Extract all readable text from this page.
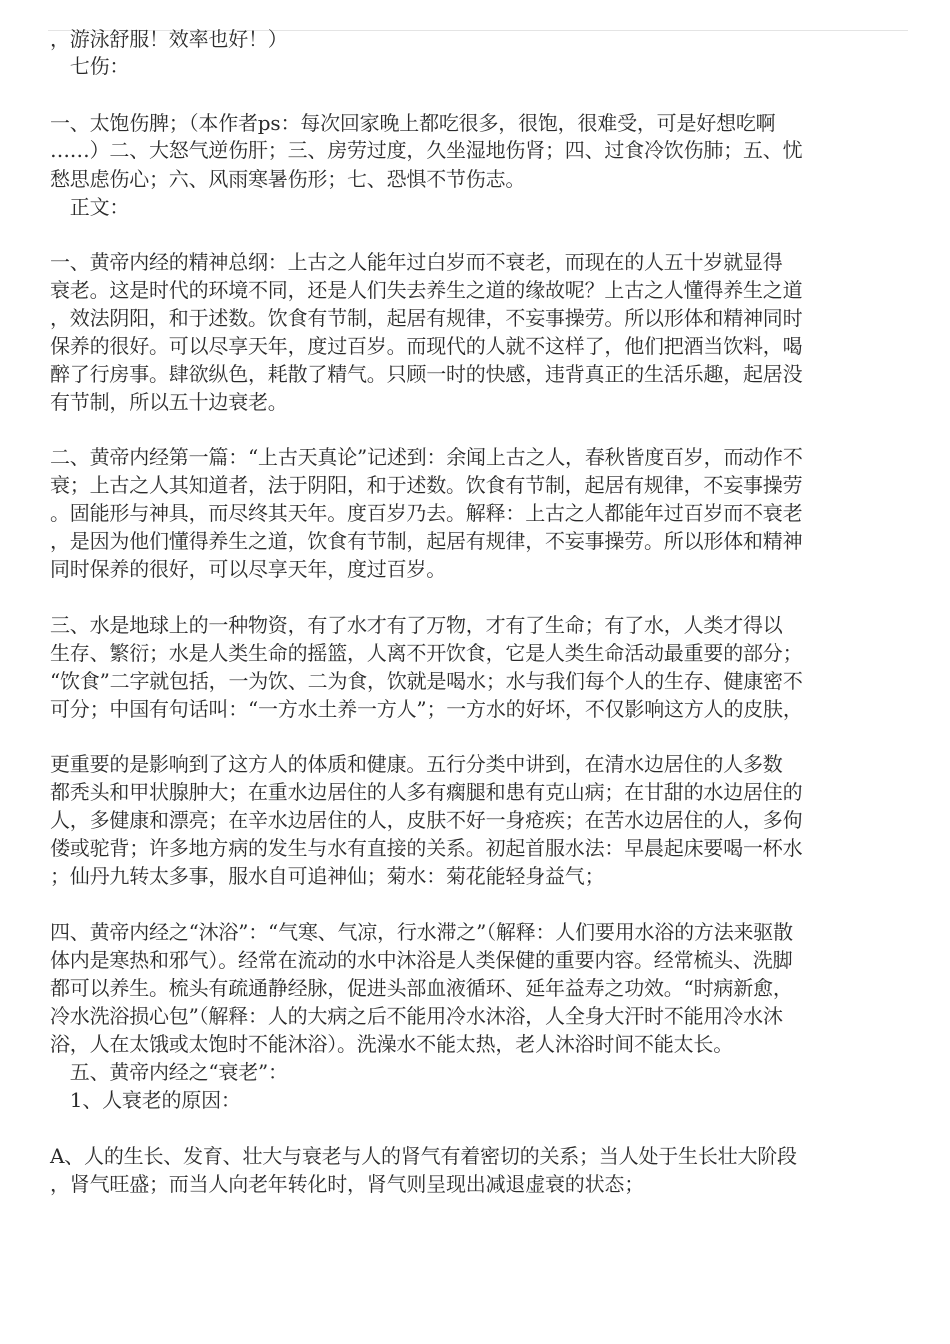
，游泳舒服！效率也好！）
　七伤：
一、太饱伤脾；（本作者ps：每次回家晚上都吃很多，很饱，很难受，可是好想吃啊
……）二、大怒气逆伤肝；三、房劳过度，久坐湿地伤肾；四、过食冷饮伤肺；五、忧
愁思虑伤心；六、风雨寒暑伤形；七、恐惧不节伤志。
　正文：
一、黄帝内经的精神总纲：上古之人能年过白岁而不衰老，而现在的人五十岁就显得
衰老。这是时代的环境不同，还是人们失去养生之道的缘故呢？上古之人懂得养生之道
，效法阴阳，和于述数。饮食有节制，起居有规律，不妄事操劳。所以形体和精神同时
保养的很好。可以尽享天年，度过百岁。而现代的人就不这样了，他们把酒当饮料，喝
醉了行房事。肆欲纵色，耗散了精气。只顾一时的快感，违背真正的生活乐趣，起居没
有节制，所以五十边衰老。
二、黄帝内经第一篇：“上古天真论”记述到：余闻上古之人，春秋皆度百岁，而动作不
衰；上古之人其知道者，法于阴阳，和于述数。饮食有节制，起居有规律，不妄事操劳
。固能形与神具，而尽终其天年。度百岁乃去。解释：上古之人都能年过百岁而不衰老
，是因为他们懂得养生之道，饮食有节制，起居有规律，不妄事操劳。所以形体和精神
同时保养的很好，可以尽享天年，度过百岁。
三、水是地球上的一种物资，有了水才有了万物，才有了生命；有了水，人类才得以
生存、繁衍；水是人类生命的摇篮，人离不开饮食，它是人类生命活动最重要的部分；
“饮食”二字就包括，一为饮、二为食，饮就是喝水；水与我们每个人的生存、健康密不
可分；中国有句话叫：“一方水土养一方人”；一方水的好坏，不仅影响这方人的皮肤，
更重要的是影响到了这方人的体质和健康。五行分类中讲到，在清水边居住的人多数
都秃头和甲状腺肿大；在重水边居住的人多有瘸腿和患有克山病；在甘甜的水边居住的
人，多健康和漂亮；在辛水边居住的人，皮肤不好一身疮疾；在苦水边居住的人，多佝
偻或驼背；许多地方病的发生与水有直接的关系。初起首服水法：早晨起床要喝一杯水
；仙丹九转太多事，服水自可追神仙；菊水：菊花能轻身益气；
四、黄帝内经之“沐浴”：“气寒、气凉，行水滞之”（解释：人们要用水浴的方法来驱散
体内是寒热和邪气）。经常在流动的水中沐浴是人类保健的重要内容。经常梳头、洗脚
都可以养生。梳头有疏通静经脉，促进头部血液循环、延年益寿之功效。“时病新愈，
冷水洗浴损心包”（解释：人的大病之后不能用冷水沐浴，人全身大汗时不能用冷水沐
浴，人在太饿或太饱时不能沐浴）。洗澡水不能太热，老人沐浴时间不能太长。
　五、黄帝内经之“衰老”：
　1、人衰老的原因：
A、人的生长、发育、壮大与衰老与人的肾气有着密切的关系；当人处于生长壮大阶段
，肾气旺盛；而当人向老年转化时，肾气则呈现出减退虚衰的状态；
